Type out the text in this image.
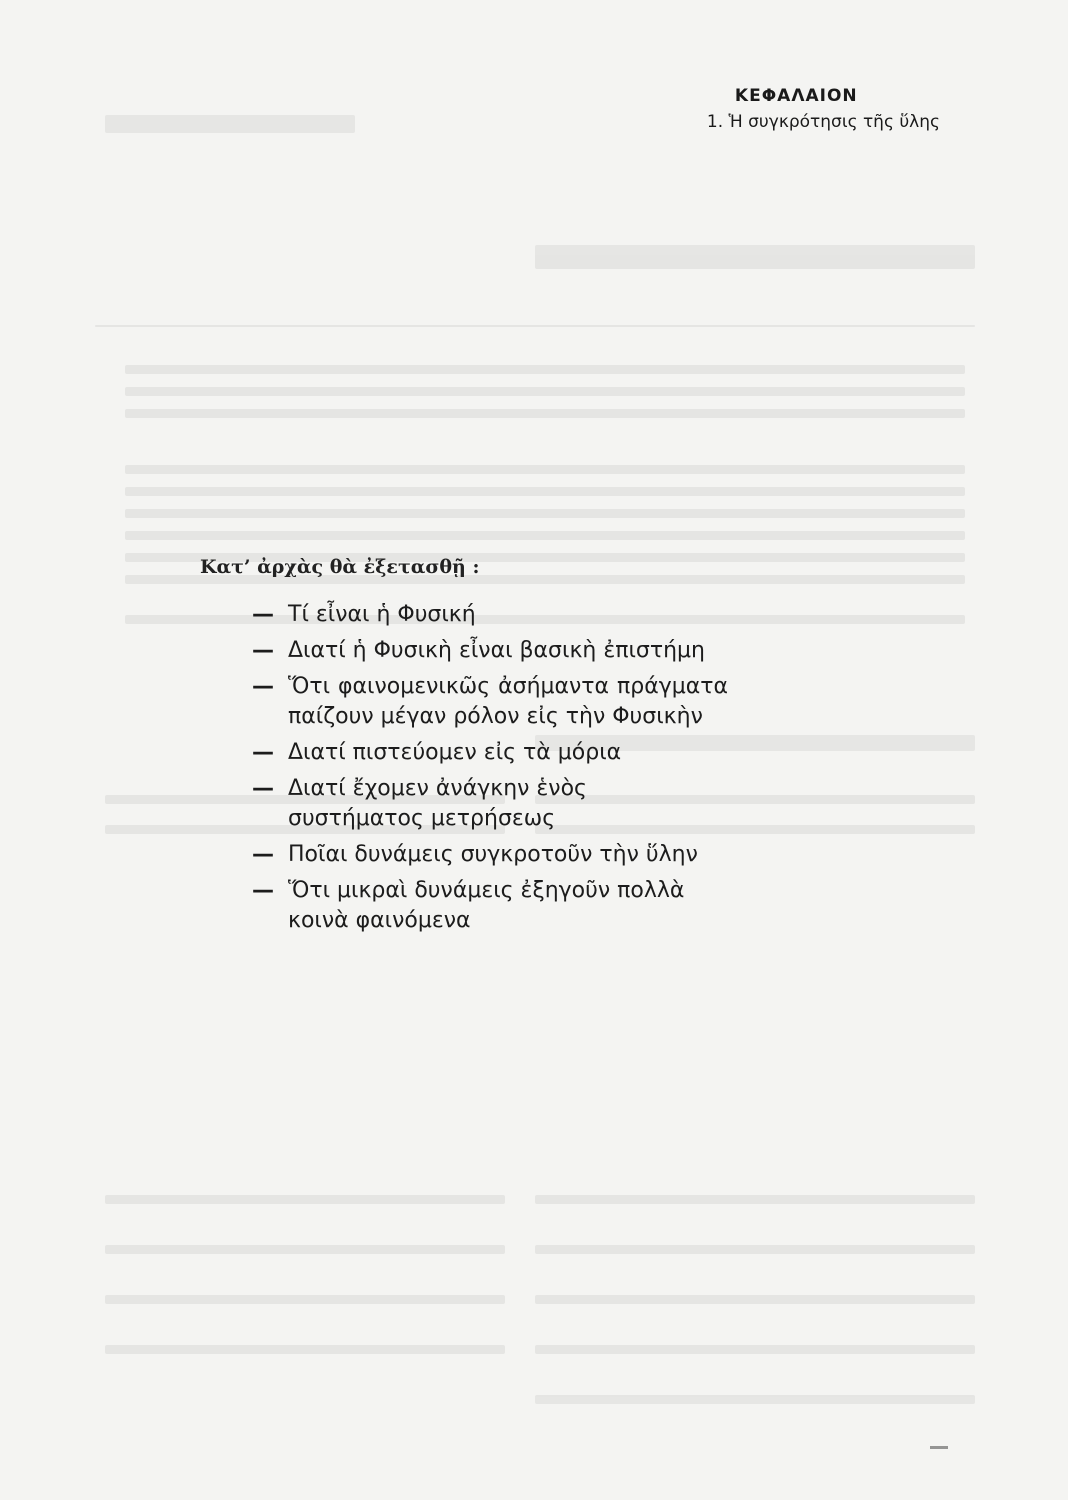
ΚΕΦΑΛΑΙΟΝ
1. Ἡ συγκρότησις τῆς ὕλης
Κατ’ ἀρχὰς θὰ ἐξετασθῇ :
— Τί εἶναι ἡ Φυσική
— Διατί ἡ Φυσικὴ εἶναι βασικὴ ἐπιστήμη
— Ὅτι φαινομενικῶς ἀσήμαντα πράγματα παίζουν μέγαν ρόλον εἰς τὴν Φυσικὴν
— Διατί πιστεύομεν εἰς τὰ μόρια
— Διατί ἔχομεν ἀνάγκην ἑνὸς συστήματος μετρήσεως
— Ποῖαι δυνάμεις συγκροτοῦν τὴν ὕλην
— Ὅτι μικραὶ δυνάμεις ἐξηγοῦν πολλὰ κοινὰ φαινόμενα
